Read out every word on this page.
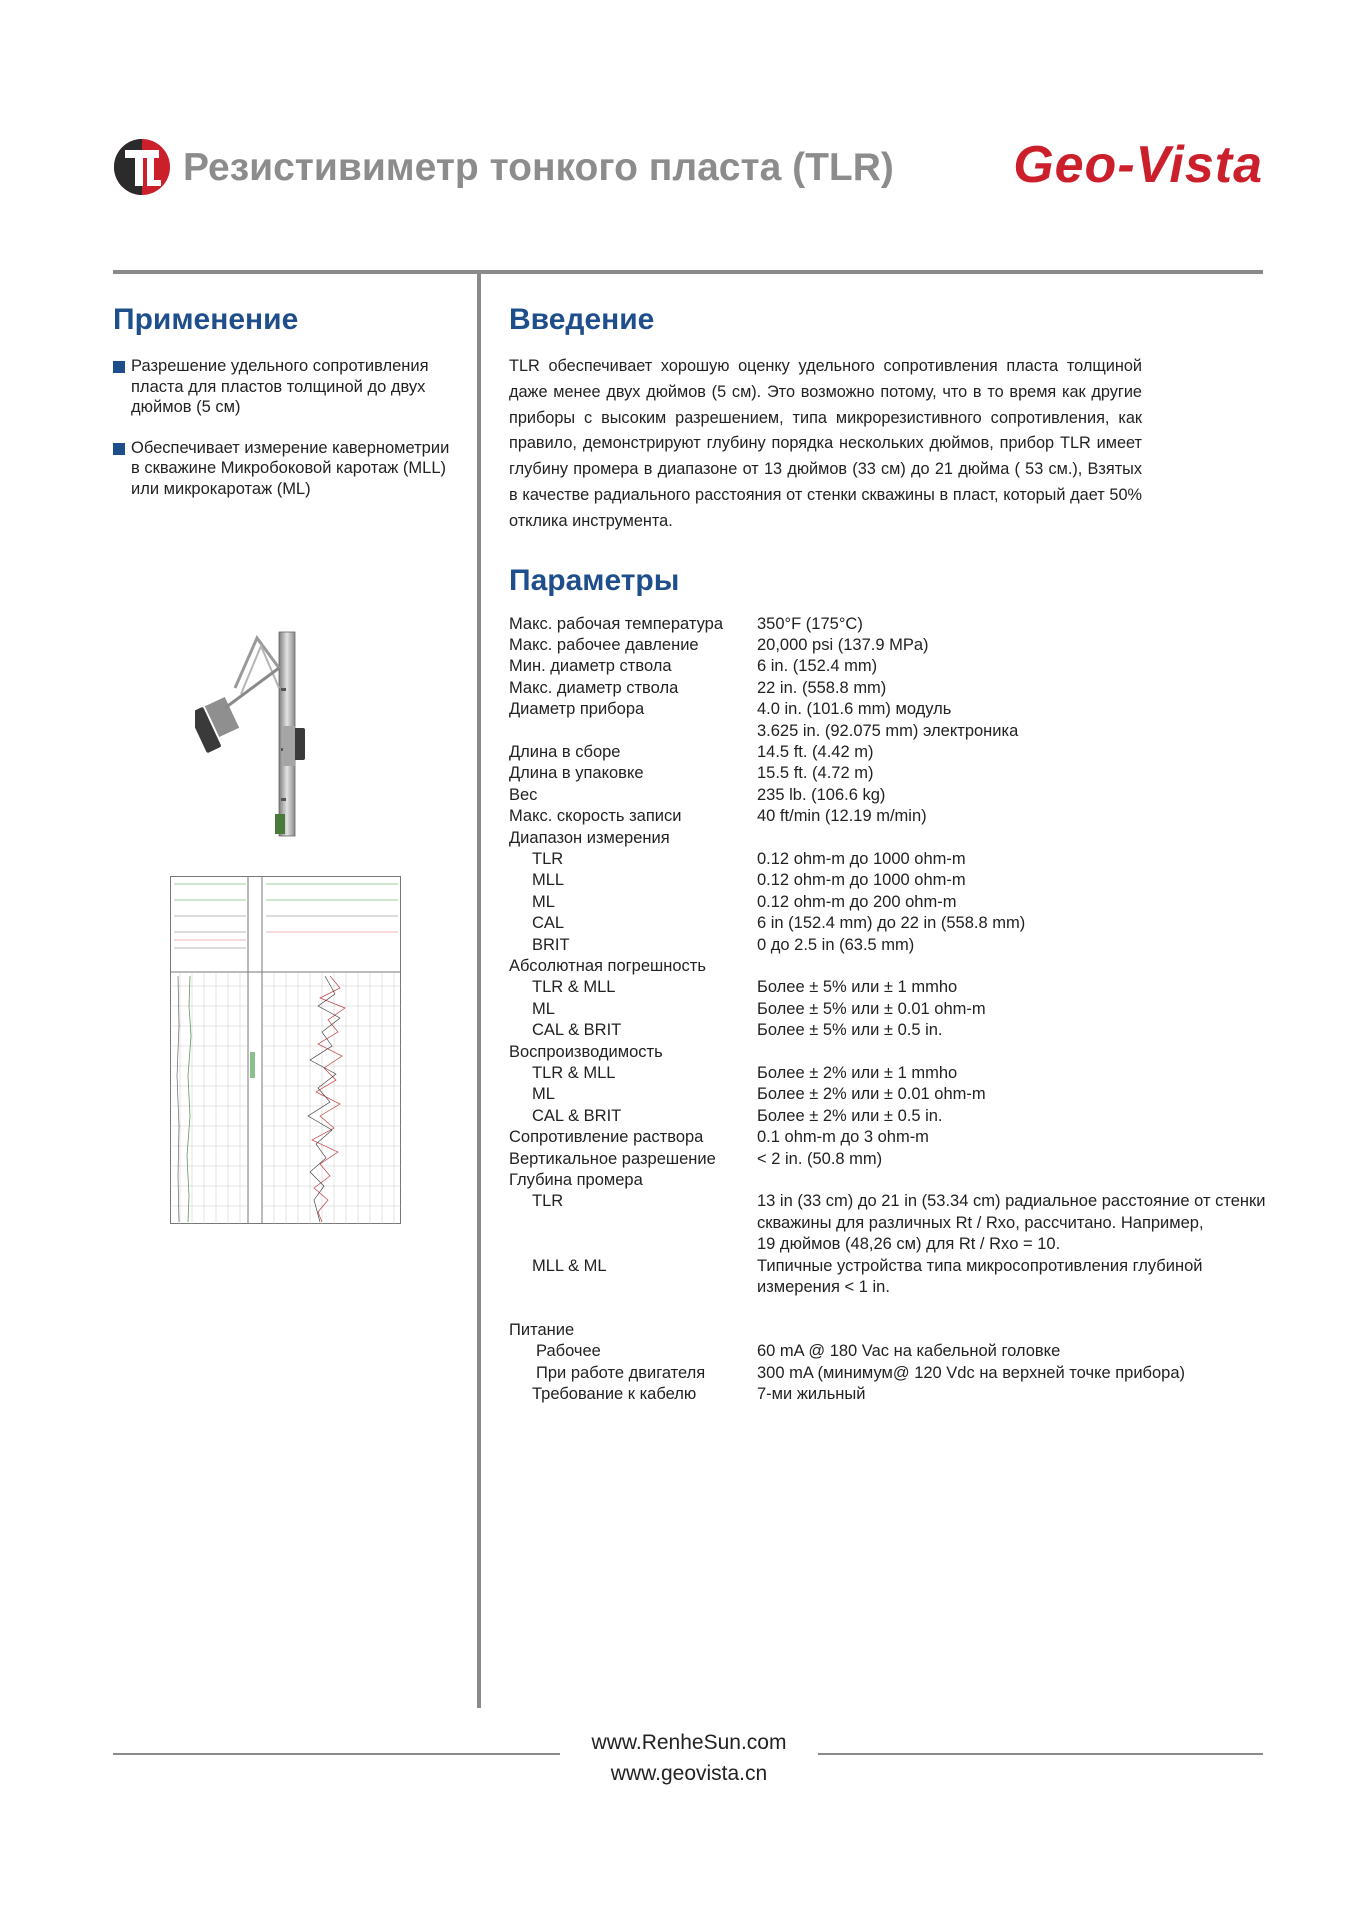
Резистивиметр тонкого пласта (TLR) Geo-Vista
Применение
Разрешение удельного сопротивления пласта для пластов толщиной до двух дюймов (5 см)
Обеспечивает измерение кавернометрии в скважине Микробоковой каротаж (MLL) или микрокаротаж (ML)
Введение

TLR обеспечивает хорошую оценку удельного сопротивления пласта толщиной даже менее двух дюймов (5 см). Это возможно потому, что в то время как другие приборы с высоким разрешением, типа микрорезистивного сопротивления, как правило, демонстрируют глубину порядка нескольких дюймов, прибор TLR имеет глубину промера в диапазоне от 13 дюймов (33 см) до 21 дюйма ( 53 см.), Взятых в качестве радиального расстояния от стенки скважины в пласт, который дает 50% отклика инструмента.

Параметры
Макс. рабочая температура 350°F (175°C)
Макс. рабочее давление	20,000 psi (137.9 MPa)
Мин. диаметр ствола	6 in. (152.4 mm)
Макс. диаметр ствола	22 in. (558.8 mm)
Диаметр прибора	4.0 in. (101.6 mm) модуль
3.625 in. (92.075 mm) электроника
Длина в сборе	14.5 ft. (4.42 m)
Длина в упаковке	15.5 ft. (4.72 m)
Вес	235 lb. (106.6 kg)
Макс. скорость записи	40 ft/min (12.19 m/min)
Диапазон измерения
TLR	0.12 ohm-m до 1000 ohm-m
MLL	0.12 ohm-m до 1000 ohm-m
ML	0.12 ohm-m до 200 ohm-m
CAL	6 in (152.4 mm) до 22 in (558.8 mm)
BRIT	0 до 2.5 in (63.5 mm)
Абсолютная погрешность
TLR & MLL	Более ± 5% или ± 1 mmho
ML	Более ± 5% или ± 0.01 ohm-m
CAL & BRIT	Более ± 5% или ± 0.5 in.
Воспроизводимость
TLR & MLL	Более ± 2% или ± 1 mmho
ML	Более ± 2% или ± 0.01 ohm-m
CAL & BRIT	Более ± 2% или ± 0.5 in.
Сопротивление раствора	0.1 ohm-m до 3 ohm-m
Вертикальное разрешение < 2 in. (50.8 mm)
Глубина промера
TLR	13 in (33 cm) до 21 in (53.34 cm) радиальное расстояние от стенки
скважины для различных Rt / Rxo, рассчитано. Например,
19 дюймов (48,26 см) для Rt / Rxo = 10.
MLL & ML	Типичные устройства типа микросопротивления глубиной
измерения < 1 in.
Питание
Рабочее	60 mA @ 180 Vac на кабельной головке
При работе двигателя	300 mA (минимум@ 120 Vdc на верхней точке прибора)
Требование к кабелю	7-ми жильный
www.RenheSun.com
www.geovista.cn
